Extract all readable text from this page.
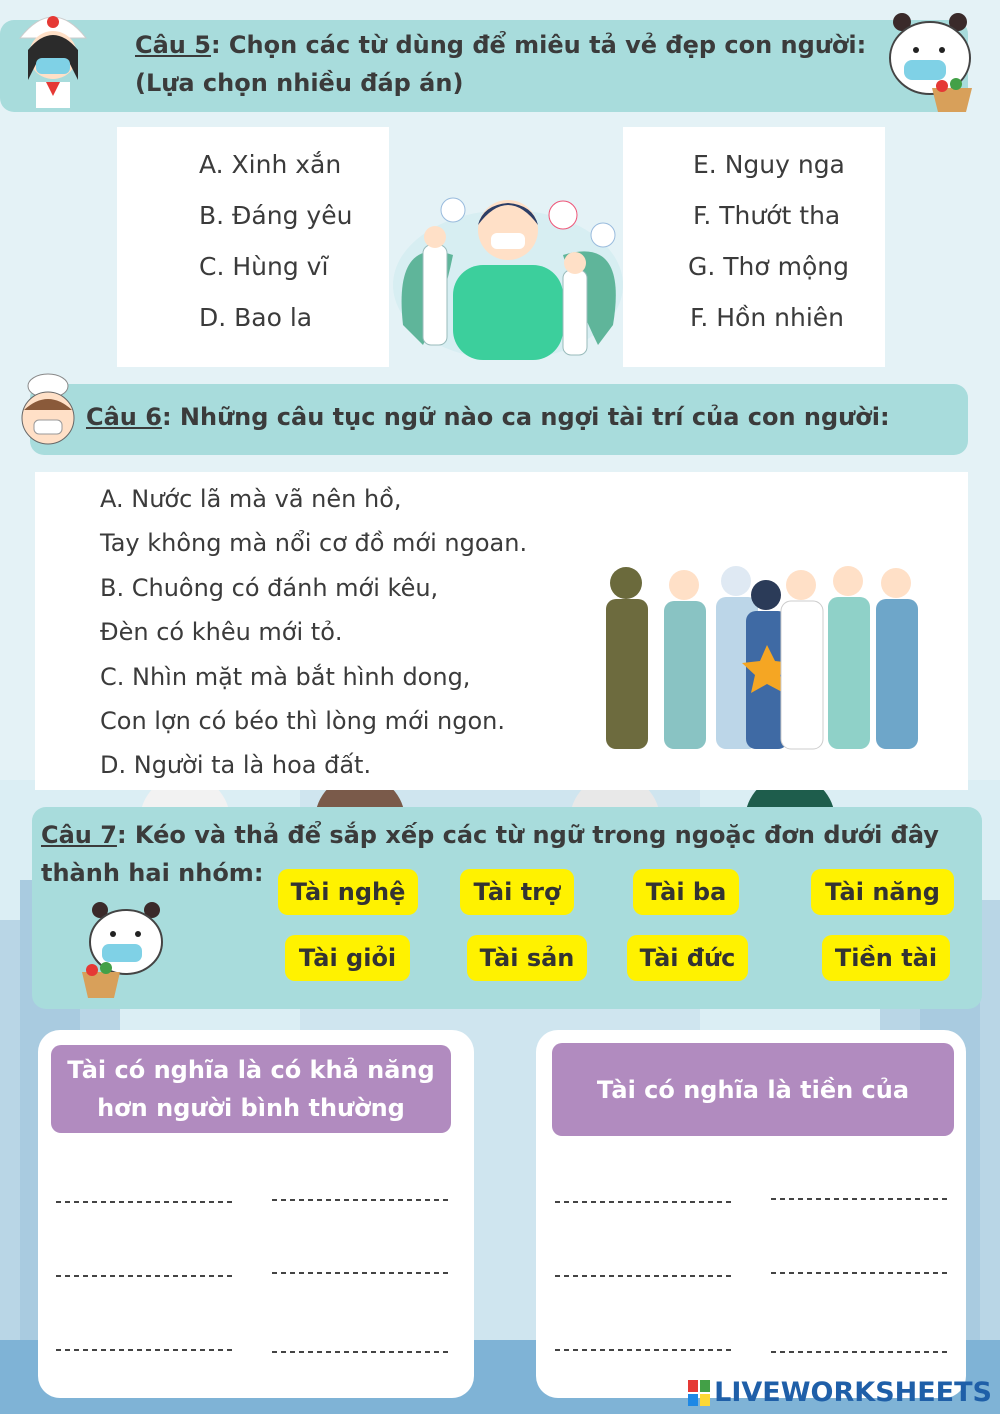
Câu 5: Chọn các từ dùng để miêu tả vẻ đẹp con người:
(Lựa chọn nhiều đáp án)
A. Xinh xắn
B. Đáng yêu
C. Hùng vĩ
D. Bao la
E. Nguy nga
F. Thướt tha
G. Thơ mộng
F. Hồn nhiên
Câu 6: Những câu tục ngữ nào ca ngợi tài trí của con người:
A. Nước lã mà vã nên hồ,
Tay không mà nổi cơ đồ mới ngoan.
B. Chuông có đánh mới kêu,
Đèn có khêu mới tỏ.
C. Nhìn mặt mà bắt hình dong,
Con lợn có béo thì lòng mới ngon.
D. Người ta là hoa đất.
Câu 7: Kéo và thả để sắp xếp các từ ngữ trong ngoặc đơn dưới đây
thành hai nhóm:
Tài nghệ	Tài trợ	Tài ba	Tài năng
Tài giỏi	Tài sản	Tài đức	Tiền tài
Tài có nghĩa là có khả năng
hơn người bình thường
Tài có nghĩa là tiền của
LIVEWORKSHEETS
